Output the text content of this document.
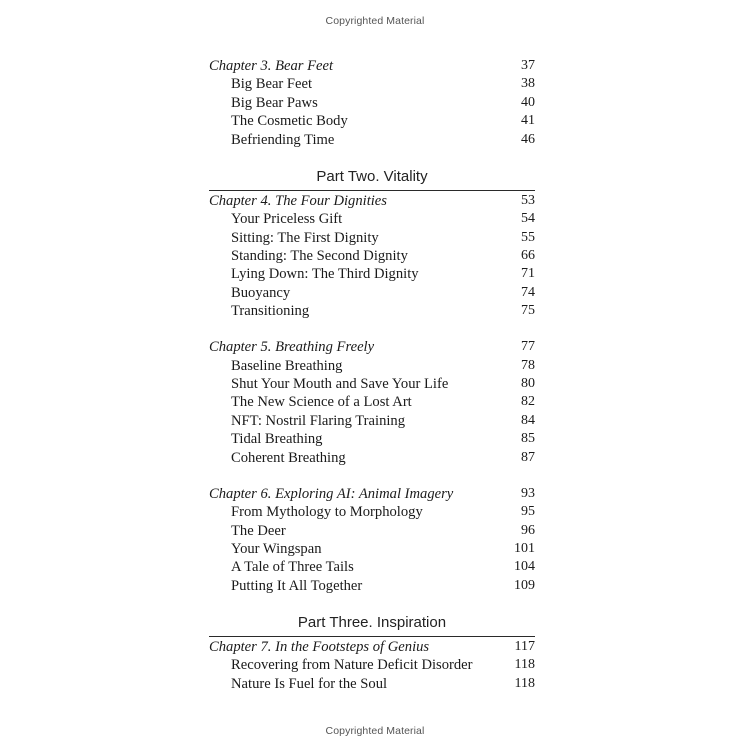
Copyrighted Material
Chapter 3. Bear Feet	37
Big Bear Feet	38
Big Bear Paws	40
The Cosmetic Body	41
Befriending Time	46
Part Two. Vitality
Chapter 4. The Four Dignities	53
Your Priceless Gift	54
Sitting: The First Dignity	55
Standing: The Second Dignity	66
Lying Down: The Third Dignity	71
Buoyancy	74
Transitioning	75
Chapter 5. Breathing Freely	77
Baseline Breathing	78
Shut Your Mouth and Save Your Life	80
The New Science of a Lost Art	82
NFT: Nostril Flaring Training	84
Tidal Breathing	85
Coherent Breathing	87
Chapter 6. Exploring AI: Animal Imagery	93
From Mythology to Morphology	95
The Deer	96
Your Wingspan	101
A Tale of Three Tails	104
Putting It All Together	109
Part Three. Inspiration
Chapter 7. In the Footsteps of Genius	117
Recovering from Nature Deficit Disorder	118
Nature Is Fuel for the Soul	118
Copyrighted Material
